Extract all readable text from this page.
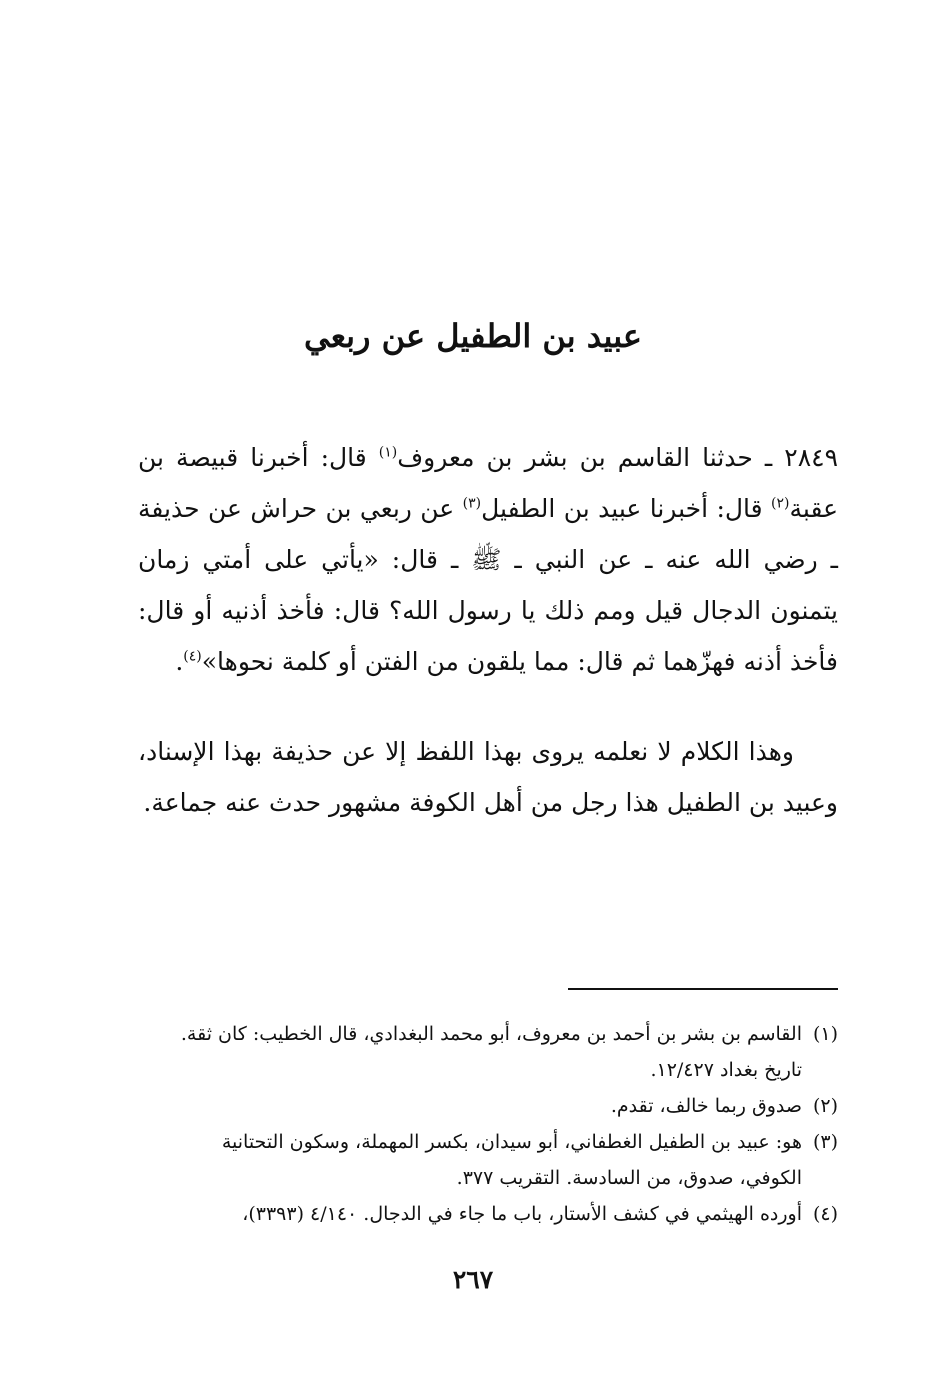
عبيد بن الطفيل عن ربعي
٢٨٤٩ ـ حدثنا القاسم بن بشر بن معروف$^{(١)}$ قال: أخبرنا قبيصة بن عقبة$^{(٢)}$ قال: أخبرنا عبيد بن الطفيل$^{(٣)}$ عن ربعي بن حراش عن حذيفة ـ رضي الله عنه ـ عن النبي ـ ﷺ ـ قال: «يأتي على أمتي زمان يتمنون الدجال قيل ومم ذلك يا رسول الله؟ قال: فأخذ أذنيه أو قال: فأخذ أذنه فهزّهما ثم قال: مما يلقون من الفتن أو كلمة نحوها»$^{(٤)}$.
وهذا الكلام لا نعلمه يروى بهذا اللفظ إلا عن حذيفة بهذا الإسناد، وعبيد بن الطفيل هذا رجل من أهل الكوفة مشهور حدث عنه جماعة.

(١)القاسم بن بشر بن أحمد بن معروف، أبو محمد البغدادي، قال الخطيب: كان ثقة.

تاريخ بغداد ١٢/٤٢٧.

(٢)صدوق ربما خالف، تقدم.

(٣)هو: عبيد بن الطفيل الغطفاني، أبو سيدان، بكسر المهملة، وسكون التحتانية

الكوفي، صدوق، من السادسة. التقريب ٣٧٧.

(٤)أورده الهيثمي في كشف الأستار، باب ما جاء في الدجال. ٤/١٤٠ (٣٣٩٣)،

٢٦٧
